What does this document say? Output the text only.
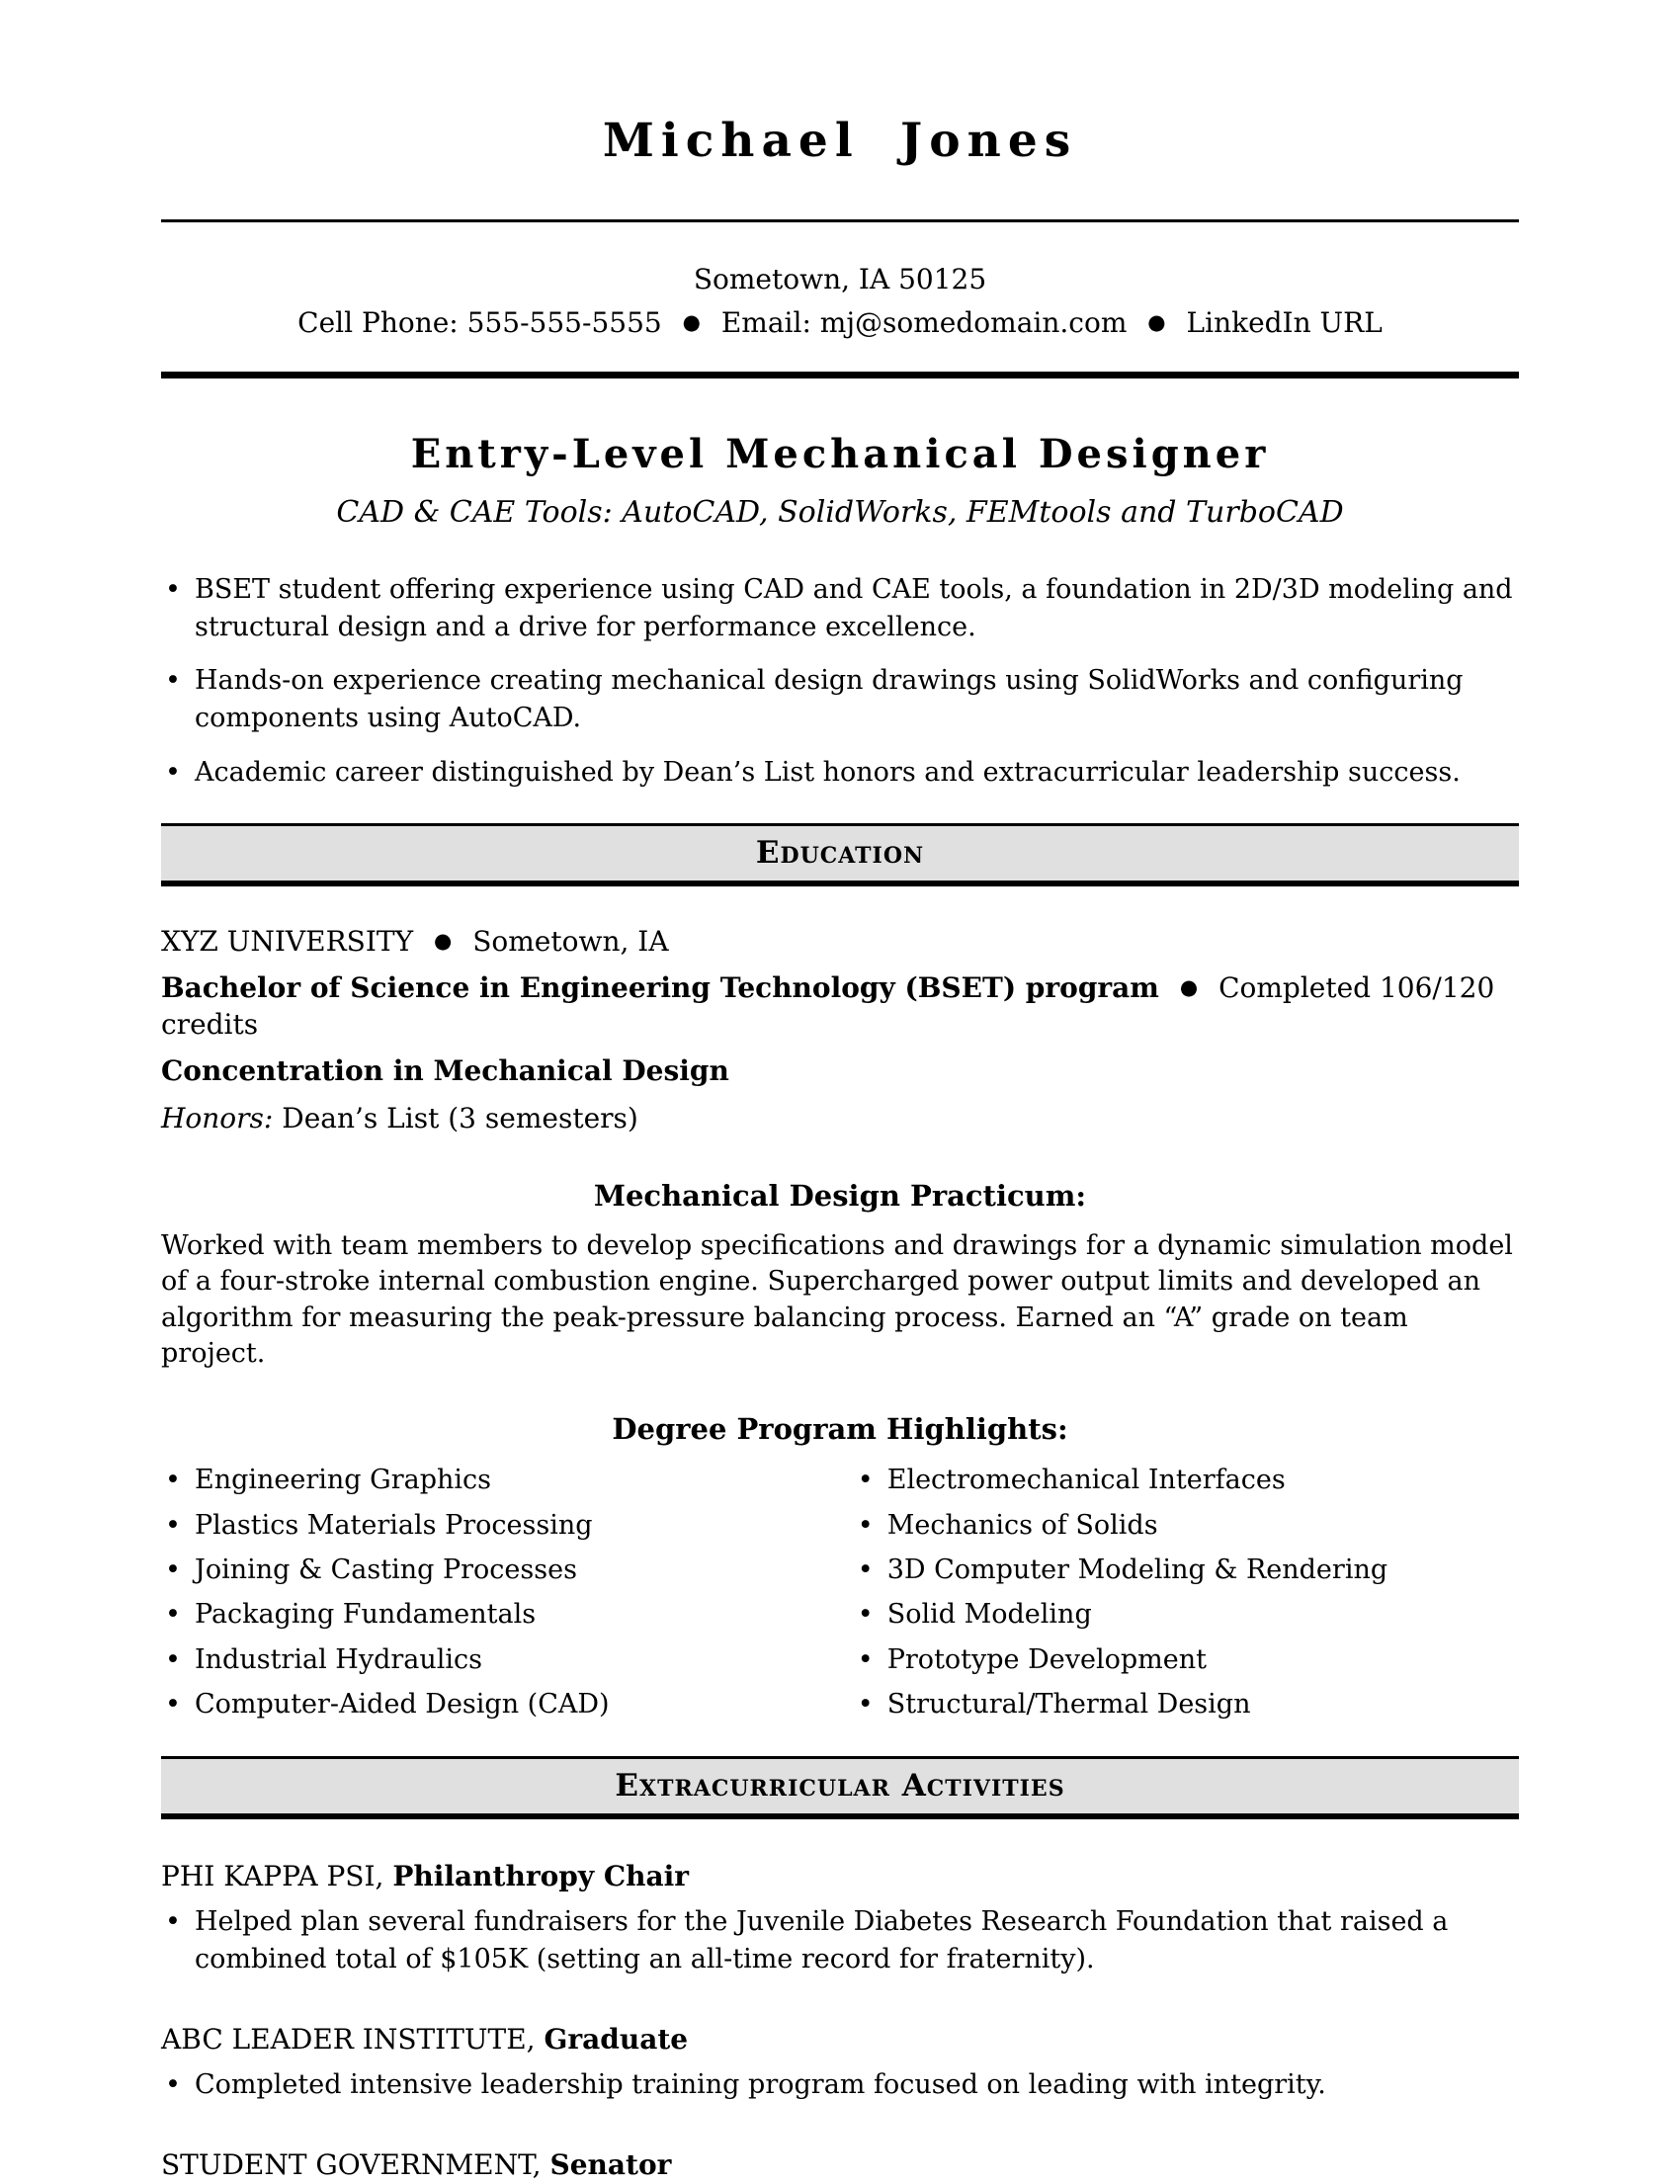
Michael Jones
Sometown, IA 50125
Cell Phone: 555-555-5555 ● Email: mj@somedomain.com ● LinkedIn URL
Entry-Level Mechanical Designer
CAD & CAE Tools: AutoCAD, SolidWorks, FEMtools and TurboCAD
• BSET student offering experience using CAD and CAE tools, a foundation in 2D/3D modeling and structural design and a drive for performance excellence.
• Hands-on experience creating mechanical design drawings using SolidWorks and configuring components using AutoCAD.
• Academic career distinguished by Dean’s List honors and extracurricular leadership success.
Education
XYZ UNIVERSITY ● Sometown, IA
Bachelor of Science in Engineering Technology (BSET) program ● Completed 106/120 credits
Concentration in Mechanical Design
Honors: Dean’s List (3 semesters)
Mechanical Design Practicum:
Worked with team members to develop specifications and drawings for a dynamic simulation model of a four-stroke internal combustion engine. Supercharged power output limits and developed an algorithm for measuring the peak-pressure balancing process. Earned an “A” grade on team project.
Degree Program Highlights:
• Engineering Graphics
• Plastics Materials Processing
• Joining & Casting Processes
• Packaging Fundamentals
• Industrial Hydraulics
• Computer-Aided Design (CAD)
• Electromechanical Interfaces
• Mechanics of Solids
• 3D Computer Modeling & Rendering
• Solid Modeling
• Prototype Development
• Structural/Thermal Design
Extracurricular Activities
PHI KAPPA PSI, Philanthropy Chair
• Helped plan several fundraisers for the Juvenile Diabetes Research Foundation that raised a combined total of $105K (setting an all-time record for fraternity).
ABC LEADER INSTITUTE, Graduate
• Completed intensive leadership training program focused on leading with integrity.
STUDENT GOVERNMENT, Senator
